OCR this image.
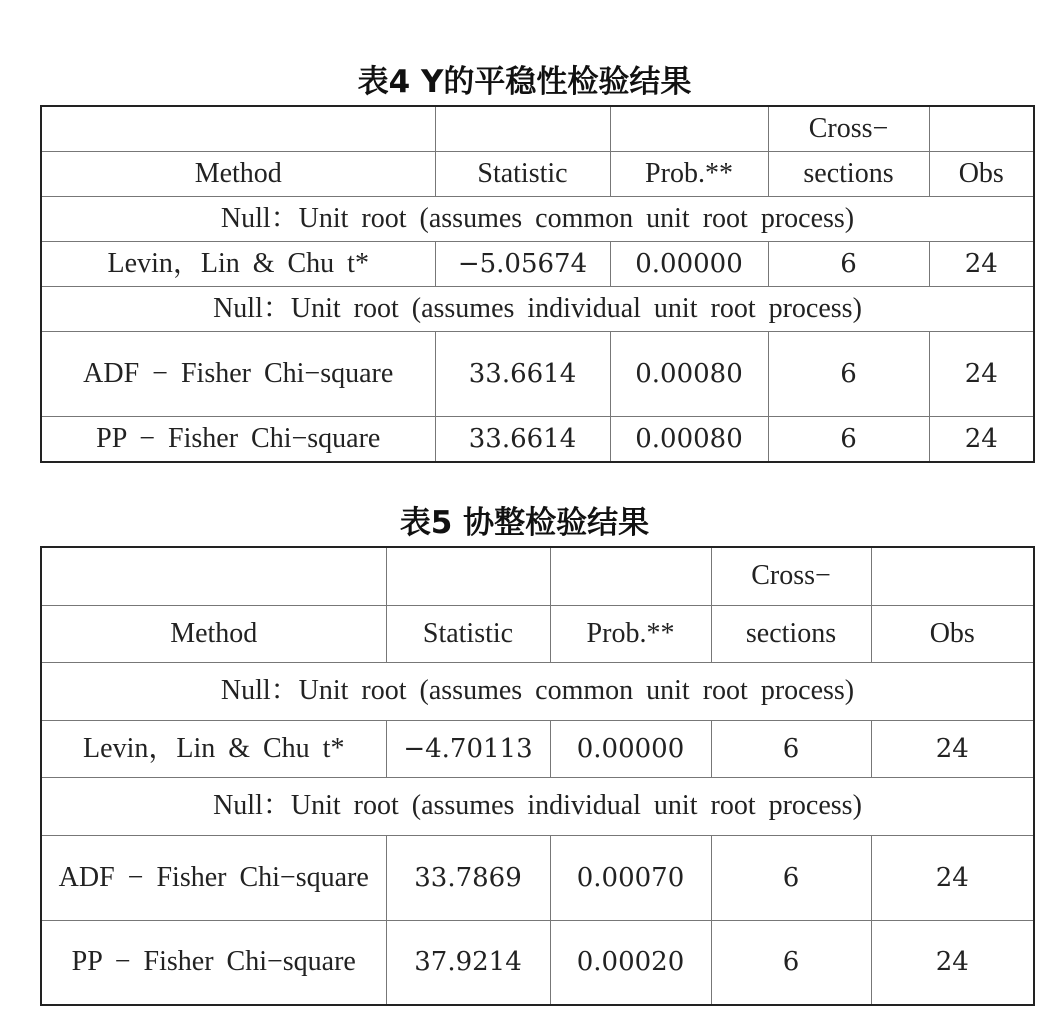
表4 Y的平稳性检验结果
			Cross−	
Method	Statistic	Prob.**	sections	Obs
Null：Unit root (assumes common unit root process)				
Levin，Lin & Chu t*	−5.05674	0.00000	6	24
Null：Unit root (assumes individual unit root process)				
ADF − Fisher Chi−square	33.6614	0.00080	6	24
PP − Fisher Chi−square	33.6614	0.00080	6	24
表5 协整检验结果
			Cross−	
Method	Statistic	Prob.**	sections	Obs
Null：Unit root (assumes common unit root process)				
Levin，Lin & Chu t*	−4.70113	0.00000	6	24
Null：Unit root (assumes individual unit root process)				
ADF − Fisher Chi−square	33.7869	0.00070	6	24
PP − Fisher Chi−square	37.9214	0.00020	6	24
